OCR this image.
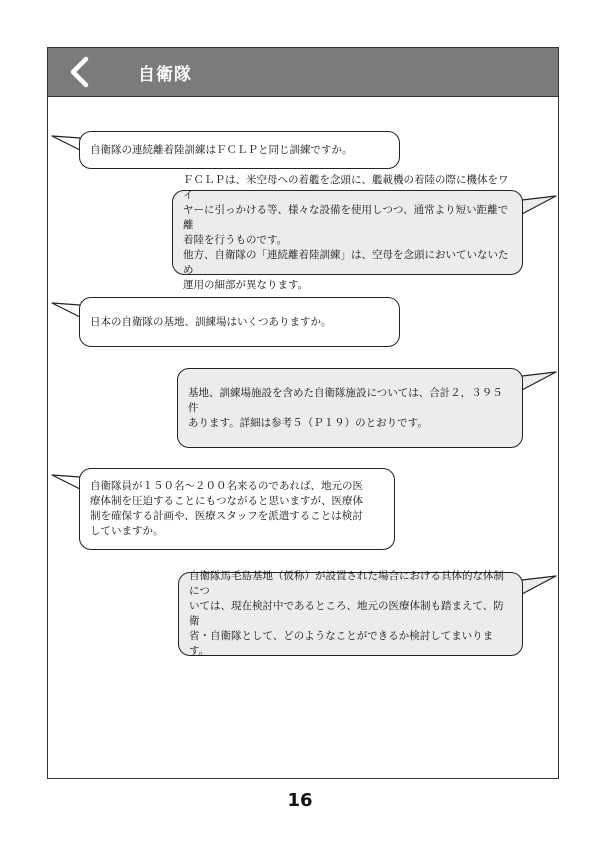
自衛隊
自衛隊の連続離着陸訓練はＦＣＬＰと同じ訓練ですか。
ＦＣＬＰは、米空母への着艦を念頭に、艦載機の着陸の際に機体をワイ
ヤーに引っかける等、様々な設備を使用しつつ、通常より短い距離で離
着陸を行うものです。
他方、自衛隊の「連続離着陸訓練」は、空母を念頭においていないため
運用の細部が異なります。
日本の自衛隊の基地、訓練場はいくつありますか。
基地、訓練場施設を含めた自衛隊施設については、合計２，３９５件
あります。詳細は参考５（Ｐ１９）のとおりです。
自衛隊員が１５０名～２００名来るのであれば、地元の医
療体制を圧迫することにもつながると思いますが、医療体
制を確保する計画や、医療スタッフを派遣することは検討
していますか。
自衛隊馬毛島基地（仮称）が設置された場合における具体的な体制につ
いては、現在検討中であるところ、地元の医療体制も踏まえて、防衛
省・自衛隊として、どのようなことができるか検討してまいります。
16
